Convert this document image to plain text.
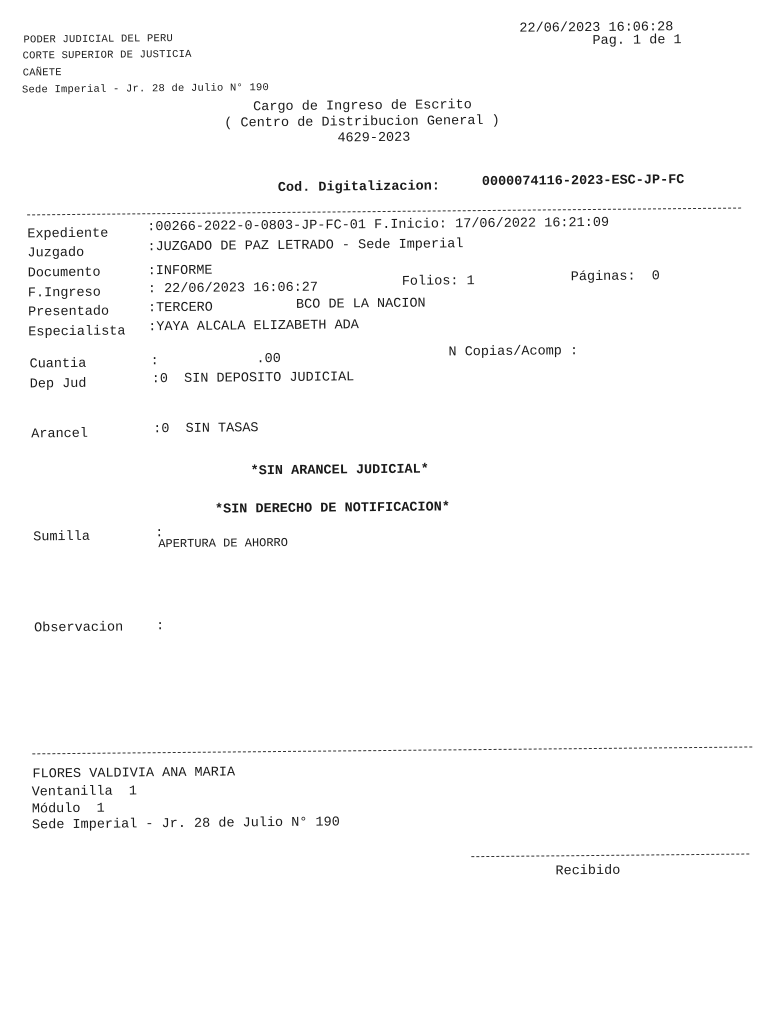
PODER JUDICIAL DEL PERU
CORTE SUPERIOR DE JUSTICIA
CAÑETE
Sede Imperial - Jr. 28 de Julio N° 190
22/06/2023 16:06:28
Pag. 1 de 1
Cargo de Ingreso de Escrito
( Centro de Distribucion General )
4629-2023
Cod. Digitalizacion:	0000074116-2023-ESC-JP-FC
Expediente	:00266-2022-0-0803-JP-FC-01 F.Inicio: 17/06/2022 16:21:09
Juzgado	:JUZGADO DE PAZ LETRADO - Sede Imperial
Documento	:INFORME
F.Ingreso	: 22/06/2023 16:06:27	Folios: 1	Páginas:  0
Presentado	:TERCERO	BCO DE LA NACION
Especialista :YAYA ALCALA ELIZABETH ADA
Cuantia	:	.00	N Copias/Acomp :
Dep Jud	:0  SIN DEPOSITO JUDICIAL
Arancel	:0  SIN TASAS
*SIN ARANCEL JUDICIAL*
*SIN DERECHO DE NOTIFICACION*
Sumilla	:
APERTURA DE AHORRO
Observacion :
FLORES VALDIVIA ANA MARIA
Ventanilla  1
Módulo  1
Sede Imperial - Jr. 28 de Julio N° 190
Recibido
